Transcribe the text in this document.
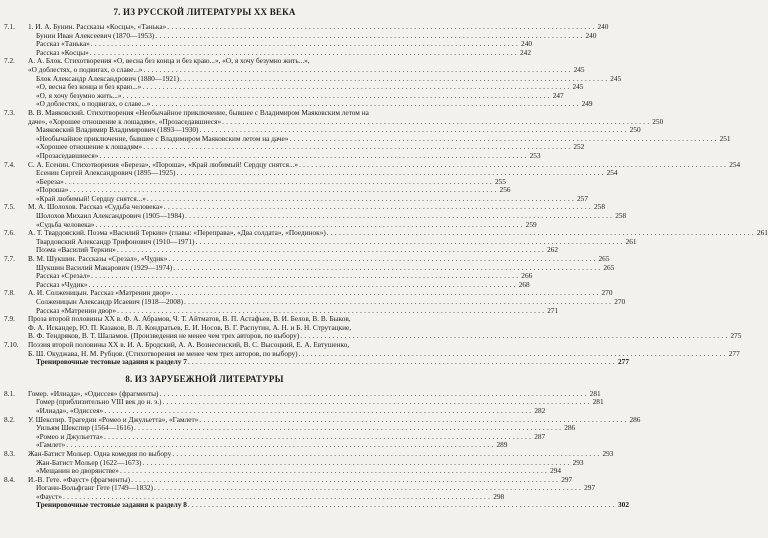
7. ИЗ РУССКОЙ ЛИТЕРАТУРЫ XX ВЕКА
7.1.	1. И. А. Бунин. Рассказы «Косцы», «Танька» . . .	240
Бунин Иван Алексеевич (1870—1953) . . .	240
Рассказ «Танька» . . .	240
Рассказ «Косцы» . . .	242
7.2.	А. А. Блок. Стихотворения «О, весна без конца и без краю...», «О, я хочу безумно жить...»,
«О доблестях, о подвигах, о славе...» . . .	245
Блок Александр Александрович (1880—1921) . . .	245
«О, весна без конца и без краю...» . . .	245
«О, я хочу безумно жить...» . . .	247
«О доблестях, о подвигах, о славе...» . . .	249
7.3.	В. В. Маяковский. Стихотворения «Необычайное приключение, бывшее с Владимиром Маяковским летом на
даче», «Хорошее отношение к лошадям», «Прозаседавшиеся» . . .	250
Маяковский Владимир Владимирович (1893—1930) . . .	250
«Необычайное приключение, бывшее с Владимиром Маяковским летом на даче» . . .	251
«Хорошее отношение к лошадям» . . .	252
«Прозаседавшиеся» . . .	253
7.4.	С. А. Есенин. Стихотворения «Береза», «Пороша», «Край любимый! Сердцу снятся...» . . .	254
Есенин Сергей Александрович (1895—1925) . . .	254
«Береза» . . .	255
«Пороша» . . .	256
«Край любимый! Сердцу снятся...» . . .	257
7.5.	М. А. Шолохов. Рассказ «Судьба человека» . . .	258
Шолохов Михаил Александрович (1905—1984) . . .	258
«Судьба человека» . . .	259
7.6.	А. Т. Твардовский. Поэма «Василий Теркин» (главы: «Переправа», «Два солдата», «Поединок») . . .	261
Твардовский Александр Трифонович (1910—1971) . . .	261
Поэма «Василий Теркин» . . .	262
7.7.	В. М. Шукшин. Рассказы «Срезал», «Чудик» . . .	265
Шукшин Василий Макарович (1929—1974) . . .	265
Рассказ «Срезал» . . .	266
Рассказ «Чудик» . . .	268
7.8.	А. И. Солженицын. Рассказ «Матренин двор» . . .	270
Солженицын Александр Исаевич (1918—2008) . . .	270
Рассказ «Матренин двор» . . .	271
7.9.	Проза второй половины XX в. Ф. А. Абрамов, Ч. Т. Айтматов, В. П. Астафьев, В. И. Белов, В. В. Быков,
Ф. А. Искандер, Ю. П. Казаков, В. Л. Кондратьев, Е. И. Носов, В. Г. Распутин, А. Н. и Б. Н. Струтацкие,
В. Ф. Тендряков, В. Т. Шаламов. (Произведения не менее чем трех авторов, по выбору) . . .	275
7.10.	Поэзия второй половины XX в. И. А. Бродский, А. А. Вознесенский, В. С. Высоцкий, Е. А. Евтушенко,
Б. Ш. Окуджава, Н. М. Рубцов. (Стихотворения не менее чем трех авторов, по выбору) . . .	277
Тренировочные тестовые задания к разделу 7 . . .	277
8. ИЗ ЗАРУБЕЖНОЙ ЛИТЕРАТУРЫ
8.1.	Гомер. «Илиада», «Одиссея» (фрагменты) . . .	281
Гомер (приблизительно VIII век до н. э.) . . .	281
«Илиада», «Одиссея» . . .	282
8.2.	У. Шекспир. Трагедии «Ромео и Джульетта», «Гамлет» . . .	286
Уильям Шекспир (1564—1616) . . .	286
«Ромео и Джульетта» . . .	287
«Гамлет» . . .	289
8.3.	Жан-Батист Мольер. Одна комедия по выбору . . .	293
Жан-Батист Мольер (1622—1673) . . .	293
«Мещанин во дворянстве» . . .	294
8.4.	И.-В. Гете. «Фауст» (фрагменты) . . .	297
Иоганн-Вольфганг Гете (1749—1832) . . .	297
«Фауст» . . .	298
Тренировочные тестовые задания к разделу 8 . . .	302
